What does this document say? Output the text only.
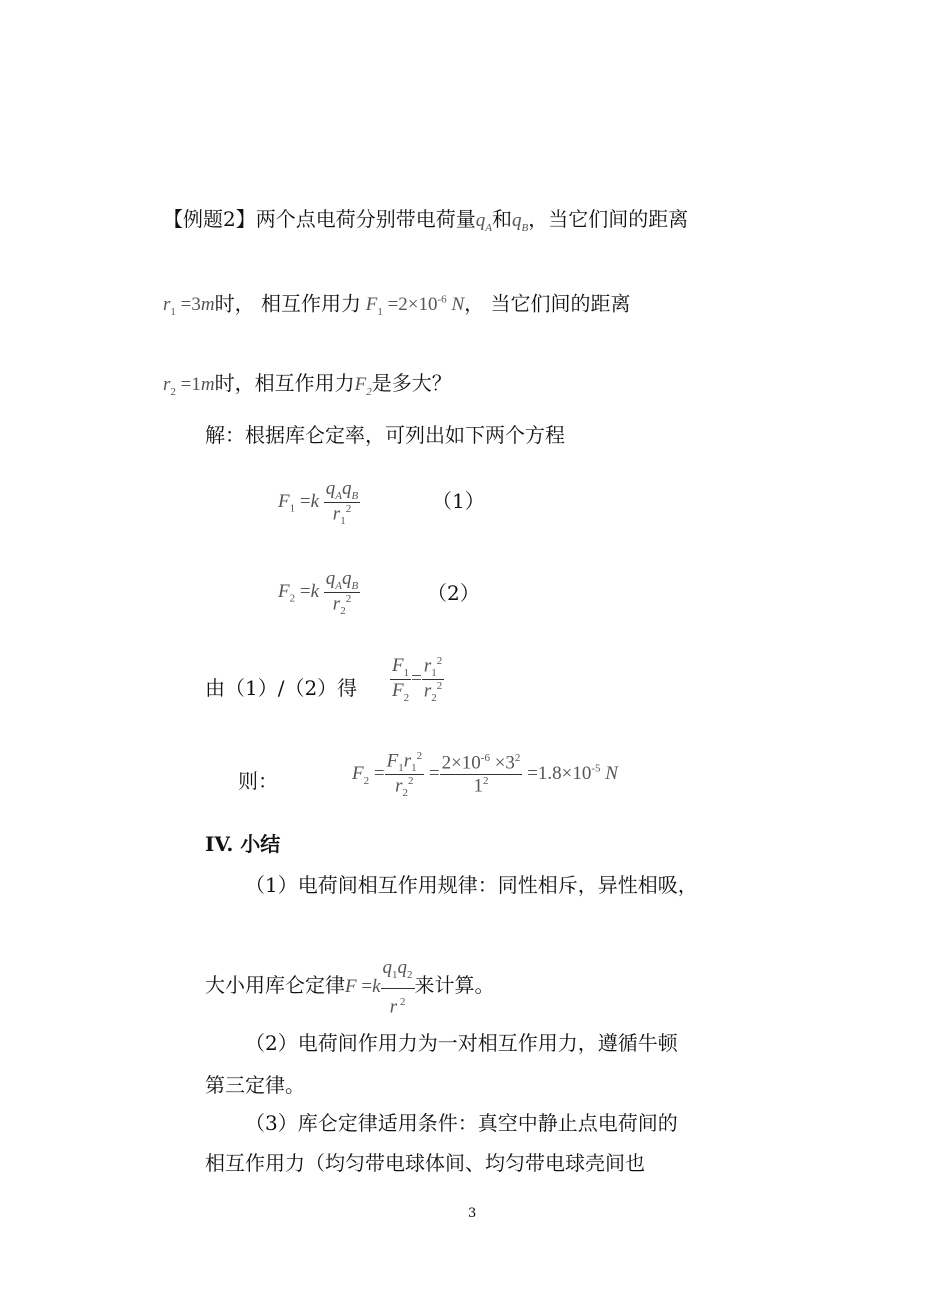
【例题2】两个点电荷分别带电荷量$q_A$和$q_B$，当它们间的距离
$r_1 =3m$时， 相互作用力 $F_1 =2\times 10^{-6}$ N， 当它们间的距离
$r_2 =1m$时，相互作用力$F_2$是多大？
解：根据库仑定率，可列出如下两个方程
$F_1 =k \frac{q_Aq_B}{r_1^2}$	（1）
$F_2 =k \frac{q_Aq_B}{r_2^2}$	（2）
由（1）/（2）得 $\frac{F_1}{F_2} = \frac{r_1^2}{r_2^2}$
则：	$F_2 = \frac{F_1r_1^2}{r_2^2} = \frac{2\times 10^{-6} \times 3^2}{1^2} =1.8\times 10^{-5}$ N
IV. 小结
（1）电荷间相互作用规律：同性相斥，异性相吸，
大小用库仑定律$F =k \frac{q_1q_2}{r ^2}$ 来计算。
（2）电荷间作用力为一对相互作用力，遵循牛顿
第三定律。
（3）库仑定律适用条件：真空中静止点电荷间的
相互作用力（均匀带电球体间、均匀带电球壳间也
3
